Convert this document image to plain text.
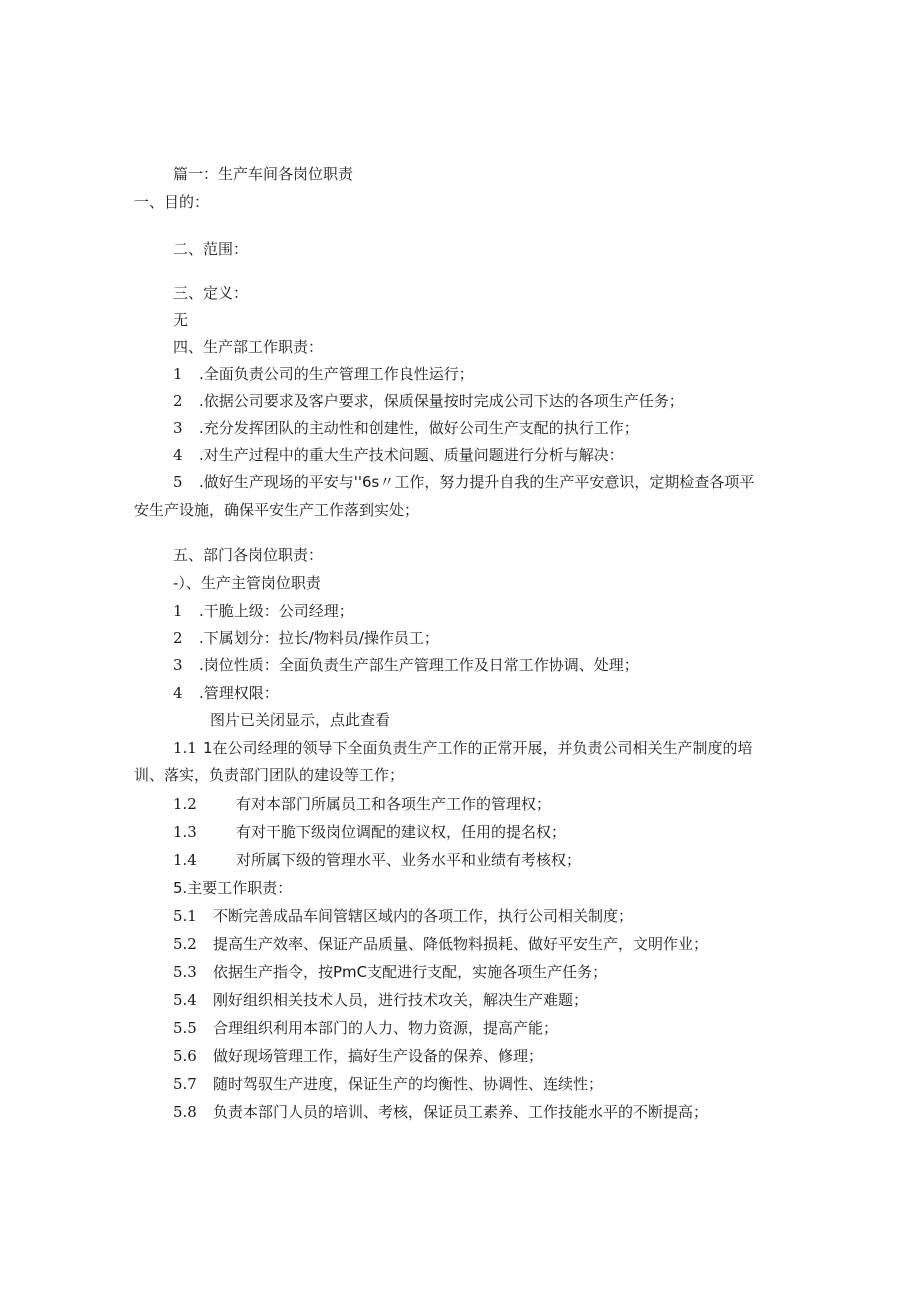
篇一：生产车间各岗位职责
一、目的：
二、范围：
三、定义：
无
四、生产部工作职责：
1 .全面负责公司的生产管理工作良性运行；
2 .依据公司要求及客户要求，保质保量按时完成公司下达的各项生产任务；
3 .充分发挥团队的主动性和创建性，做好公司生产支配的执行工作；
4 .对生产过程中的重大生产技术问题、质量问题进行分析与解决：
5 .做好生产现场的平安与''6s〃工作，努力提升自我的生产平安意识，定期检查各项平
安生产设施，确保平安生产工作落到实处；
五、部门各岗位职责：
-）、生产主管岗位职责
1 .干脆上级：公司经理；
2 .下属划分：拉长/物料员/操作员工；
3 .岗位性质：全面负责生产部生产管理工作及日常工作协调、处理；
4 .管理权限：
图片已关闭显示，点此查看
1.1 1在公司经理的领导下全面负责生产工作的正常开展，并负责公司相关生产制度的培
训、落实，负责部门团队的建设等工作；
1.2	有对本部门所属员工和各项生产工作的管理权；
1.3	有对干脆下级岗位调配的建议权，任用的提名权；
1.4	对所属下级的管理水平、业务水平和业绩有考核权；
5.主要工作职责：
5.1 不断完善成品车间管辖区域内的各项工作，执行公司相关制度；
5.2 提高生产效率、保证产品质量、降低物料损耗、做好平安生产，文明作业；
5.3 依据生产指令，按PmC支配进行支配，实施各项生产任务；
5.4 刚好组织相关技术人员，进行技术攻关，解决生产难题；
5.5 合理组织利用本部门的人力、物力资源，提高产能；
5.6 做好现场管理工作，搞好生产设备的保养、修理；
5.7 随时驾驭生产进度，保证生产的均衡性、协调性、连续性；
5.8 负责本部门人员的培训、考核，保证员工素养、工作技能水平的不断提高；
